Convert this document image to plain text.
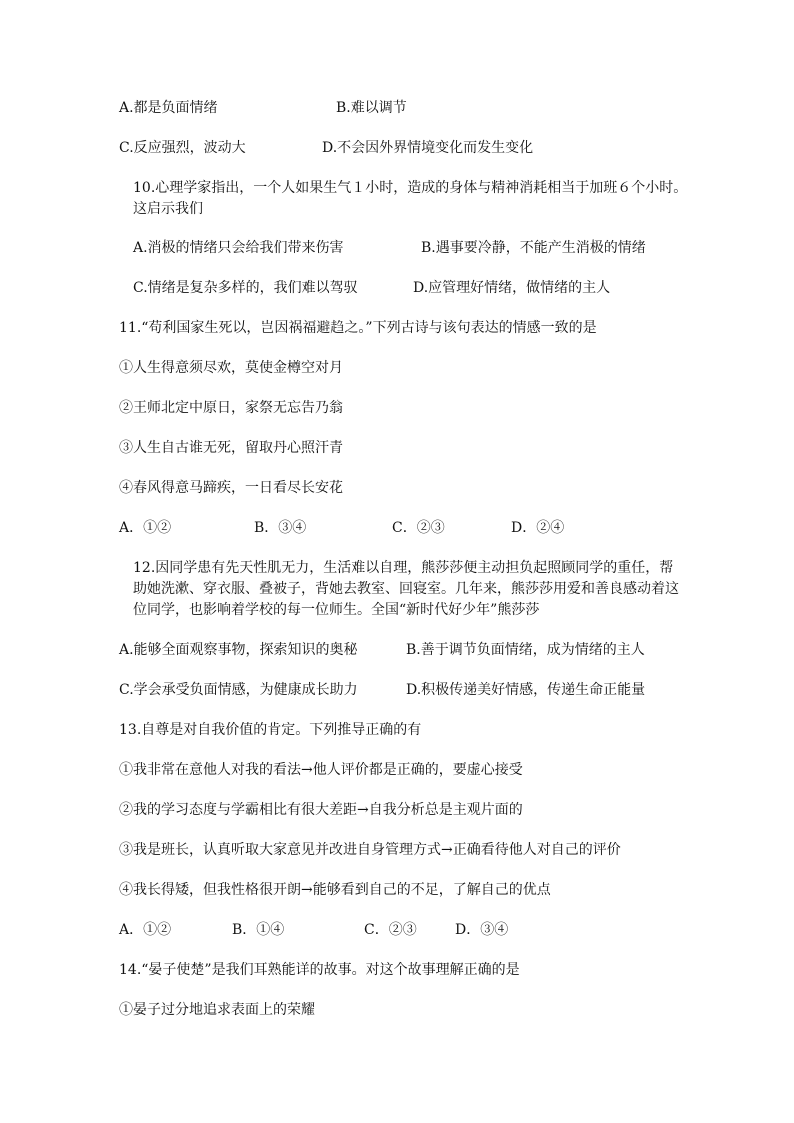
A.都是负面情绪	B.难以调节
C.反应强烈，波动大	D.不会因外界情境变化而发生变化
10.心理学家指出，一个人如果生气１小时，造成的身体与精神消耗相当于加班６个小时。
这启示我们
A.消极的情绪只会给我们带来伤害	B.遇事要冷静，不能产生消极的情绪
C.情绪是复杂多样的，我们难以驾驭	D.应管理好情绪，做情绪的主人
11.“苟利国家生死以，岂因祸福避趋之。”下列古诗与该句表达的情感一致的是
①人生得意须尽欢，莫使金樽空对月
②王师北定中原日，家祭无忘告乃翁
③人生自古谁无死，留取丹心照汗青
④春风得意马蹄疾，一日看尽长安花
A．①②	B．③④	C．②③	D．②④
12.因同学患有先天性肌无力，生活难以自理，熊莎莎便主动担负起照顾同学的重任，帮
助她洗漱、穿衣服、叠被子，背她去教室、回寝室。几年来，熊莎莎用爱和善良感动着这
位同学，也影响着学校的每一位师生。全国“新时代好少年”熊莎莎
A.能够全面观察事物，探索知识的奥秘	B.善于调节负面情绪，成为情绪的主人
C.学会承受负面情感，为健康成长助力	D.积极传递美好情感，传递生命正能量
13.自尊是对自我价值的肯定。下列推导正确的有
①我非常在意他人对我的看法→他人评价都是正确的，要虚心接受
②我的学习态度与学霸相比有很大差距→自我分析总是主观片面的
③我是班长，认真听取大家意见并改进自身管理方式→正确看待他人对自己的评价
④我长得矮，但我性格很开朗→能够看到自己的不足，了解自己的优点
A．①②	B．①④	C．②③	D．③④
14.“晏子使楚”是我们耳熟能详的故事。对这个故事理解正确的是
①晏子过分地追求表面上的荣耀
